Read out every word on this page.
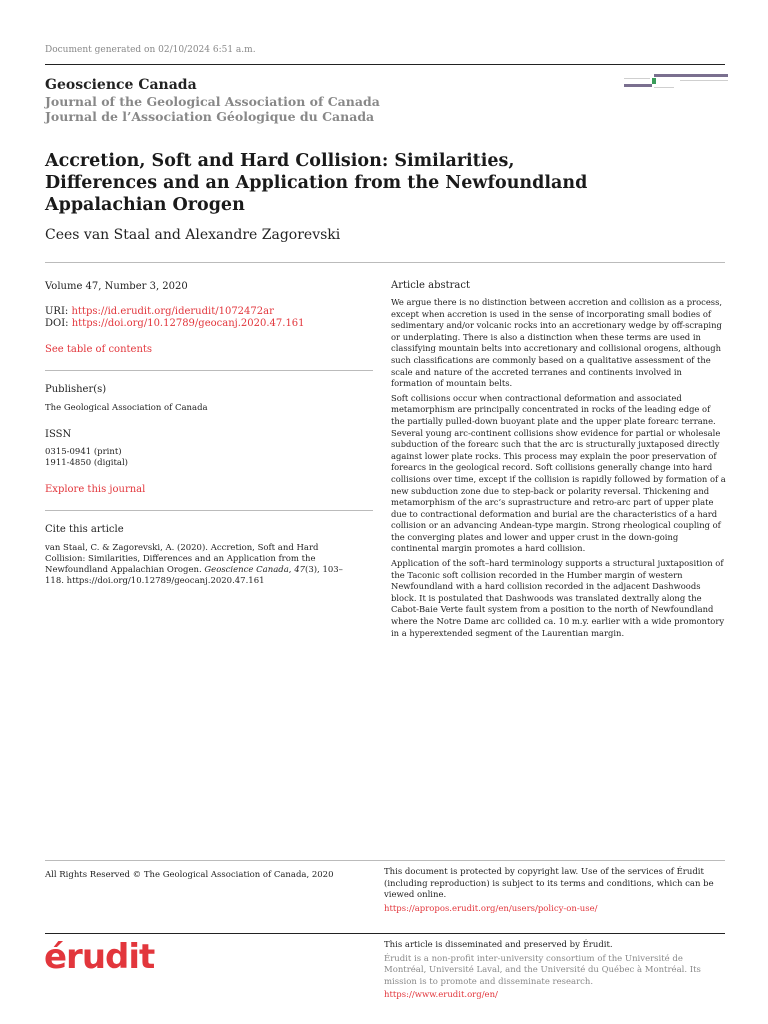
Document generated on 02/10/2024 6:51 a.m.
Geoscience Canada
Journal of the Geological Association of Canada
Journal de l’Association Géologique du Canada
Accretion, Soft and Hard Collision: Similarities, Differences and an Application from the Newfoundland Appalachian Orogen
Cees van Staal and Alexandre Zagorevski
Volume 47, Number 3, 2020
URI: https://id.erudit.org/iderudit/1072472ar
DOI: https://doi.org/10.12789/geocanj.2020.47.161
See table of contents
Publisher(s)
The Geological Association of Canada
ISSN
0315-0941 (print)
1911-4850 (digital)
Explore this journal
Cite this article
van Staal, C. & Zagorevski, A. (2020). Accretion, Soft and Hard Collision: Similarities, Differences and an Application from the Newfoundland Appalachian Orogen. Geoscience Canada, 47(3), 103–118. https://doi.org/10.12789/geocanj.2020.47.161
Article abstract

We argue there is no distinction between accretion and collision as a process, except when accretion is used in the sense of incorporating small bodies of sedimentary and/or volcanic rocks into an accretionary wedge by off-scraping or underplating. There is also a distinction when these terms are used in classifying mountain belts into accretionary and collisional orogens, although such classifications are commonly based on a qualitative assessment of the scale and nature of the accreted terranes and continents involved in formation of mountain belts.

Soft collisions occur when contractional deformation and associated metamorphism are principally concentrated in rocks of the leading edge of the partially pulled-down buoyant plate and the upper plate forearc terrane. Several young arc-continent collisions show evidence for partial or wholesale subduction of the forearc such that the arc is structurally juxtaposed directly against lower plate rocks. This process may explain the poor preservation of forearcs in the geological record. Soft collisions generally change into hard collisions over time, except if the collision is rapidly followed by formation of a new subduction zone due to step-back or polarity reversal. Thickening and metamorphism of the arc’s suprastructure and retro-arc part of upper plate due to contractional deformation and burial are the characteristics of a hard collision or an advancing Andean-type margin. Strong rheological coupling of the converging plates and lower and upper crust in the down-going continental margin promotes a hard collision.

Application of the soft–hard terminology supports a structural juxtaposition of the Taconic soft collision recorded in the Humber margin of western Newfoundland with a hard collision recorded in the adjacent Dashwoods block. It is postulated that Dashwoods was translated dextrally along the Cabot-Baie Verte fault system from a position to the north of Newfoundland where the Notre Dame arc collided ca. 10 m.y. earlier with a wide promontory in a hyperextended segment of the Laurentian margin.

All Rights Reserved © The Geological Association of Canada, 2020	This document is protected by copyright law. Use of the services of Érudit (including reproduction) is subject to its terms and conditions, which can be viewed online.
https://apropos.erudit.org/en/users/policy-on-use/
érudit	This article is disseminated and preserved by Érudit.
Érudit is a non-profit inter-university consortium of the Université de Montréal, Université Laval, and the Université du Québec à Montréal. Its mission is to promote and disseminate research.
https://www.erudit.org/en/
